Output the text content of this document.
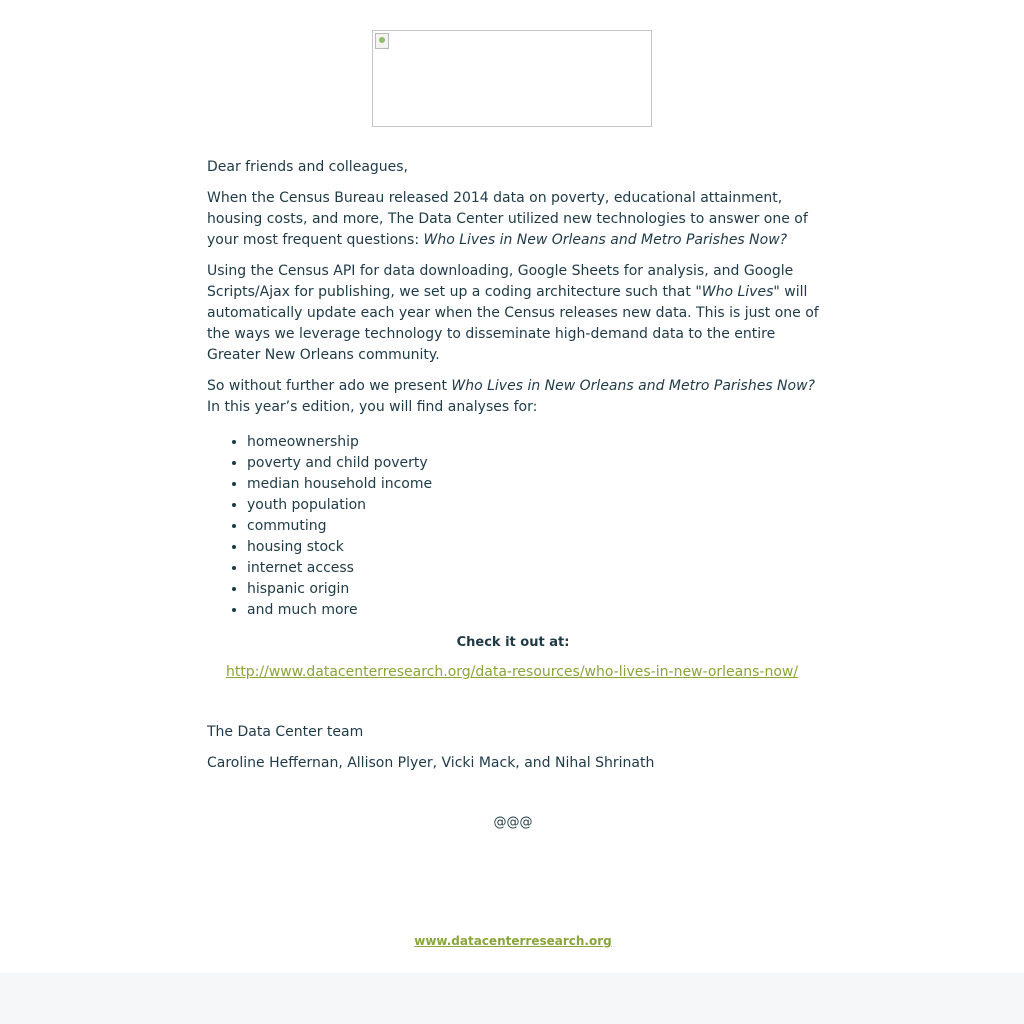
Dear friends and colleagues,

When the Census Bureau released 2014 data on poverty, educational attainment, housing costs, and more, The Data Center utilized new technologies to answer one of your most frequent questions: Who Lives in New Orleans and Metro Parishes Now?

Using the Census API for data downloading, Google Sheets for analysis, and Google Scripts/Ajax for publishing, we set up a coding architecture such that "Who Lives" will automatically update each year when the Census releases new data. This is just one of the ways we leverage technology to disseminate high-demand data to the entire Greater New Orleans community.

So without further ado we present Who Lives in New Orleans and Metro Parishes Now? In this year’s edition, you will find analyses for:

• homeownership
• poverty and child poverty
• median household income
• youth population
• commuting
• housing stock
• internet access
• hispanic origin
• and much more
Check it out at:
http://www.datacenterresearch.org/data-resources/who-lives-in-new-orleans-now/

The Data Center team

Caroline Heffernan, Allison Plyer, Vicki Mack, and Nihal Shrinath

@@@
www.datacenterresearch.org
